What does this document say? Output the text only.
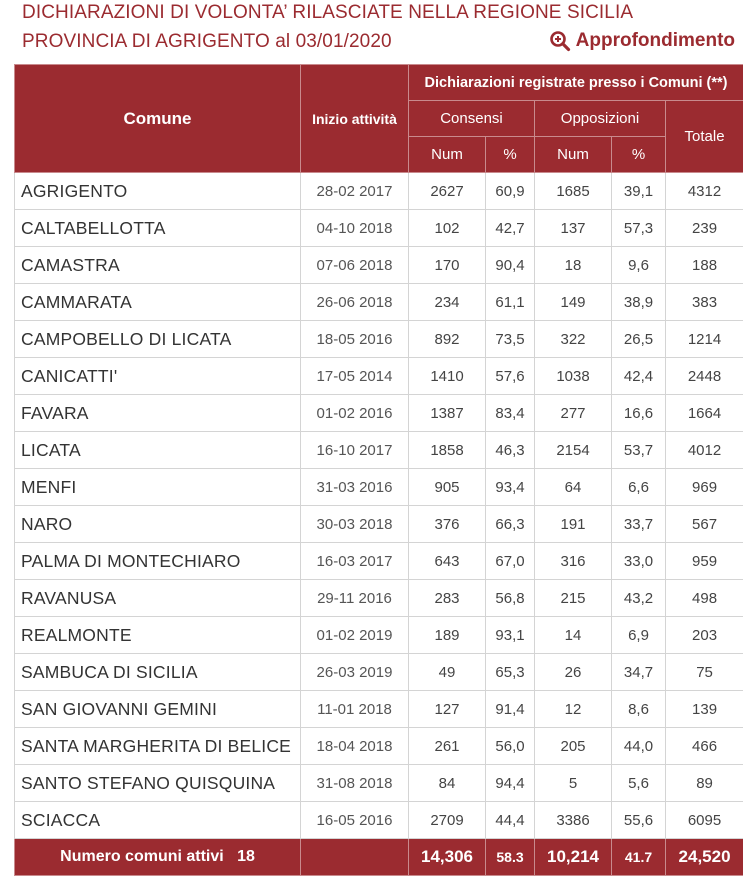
DICHIARAZIONI DI VOLONTA’ RILASCIATE NELLA REGIONE SICILIA
PROVINCIA DI AGRIGENTO al 03/01/2020	Approfondimento
Comune	Inizio attività	Dichiarazioni registrate presso i Comuni (**)				
		Consensi		Opposizioni		Totale
		Num	%	Num	%	
AGRIGENTO	28-02 2017	2627	60,9	1685	39,1	4312
CALTABELLOTTA	04-10 2018	102	42,7	137	57,3	239
CAMASTRA	07-06 2018	170	90,4	18	9,6	188
CAMMARATA	26-06 2018	234	61,1	149	38,9	383
CAMPOBELLO DI LICATA	18-05 2016	892	73,5	322	26,5	1214
CANICATTI'	17-05 2014	1410	57,6	1038	42,4	2448
FAVARA	01-02 2016	1387	83,4	277	16,6	1664
LICATA	16-10 2017	1858	46,3	2154	53,7	4012
MENFI	31-03 2016	905	93,4	64	6,6	969
NARO	30-03 2018	376	66,3	191	33,7	567
PALMA DI MONTECHIARO	16-03 2017	643	67,0	316	33,0	959
RAVANUSA	29-11 2016	283	56,8	215	43,2	498
REALMONTE	01-02 2019	189	93,1	14	6,9	203
SAMBUCA DI SICILIA	26-03 2019	49	65,3	26	34,7	75
SAN GIOVANNI GEMINI	11-01 2018	127	91,4	12	8,6	139
SANTA MARGHERITA DI BELICE	18-04 2018	261	56,0	205	44,0	466
SANTO STEFANO QUISQUINA	31-08 2018	84	94,4	5	5,6	89
SCIACCA	16-05 2016	2709	44,4	3386	55,6	6095
Numero comuni attivi 18		14,306	58.3	10,214	41.7	24,520
